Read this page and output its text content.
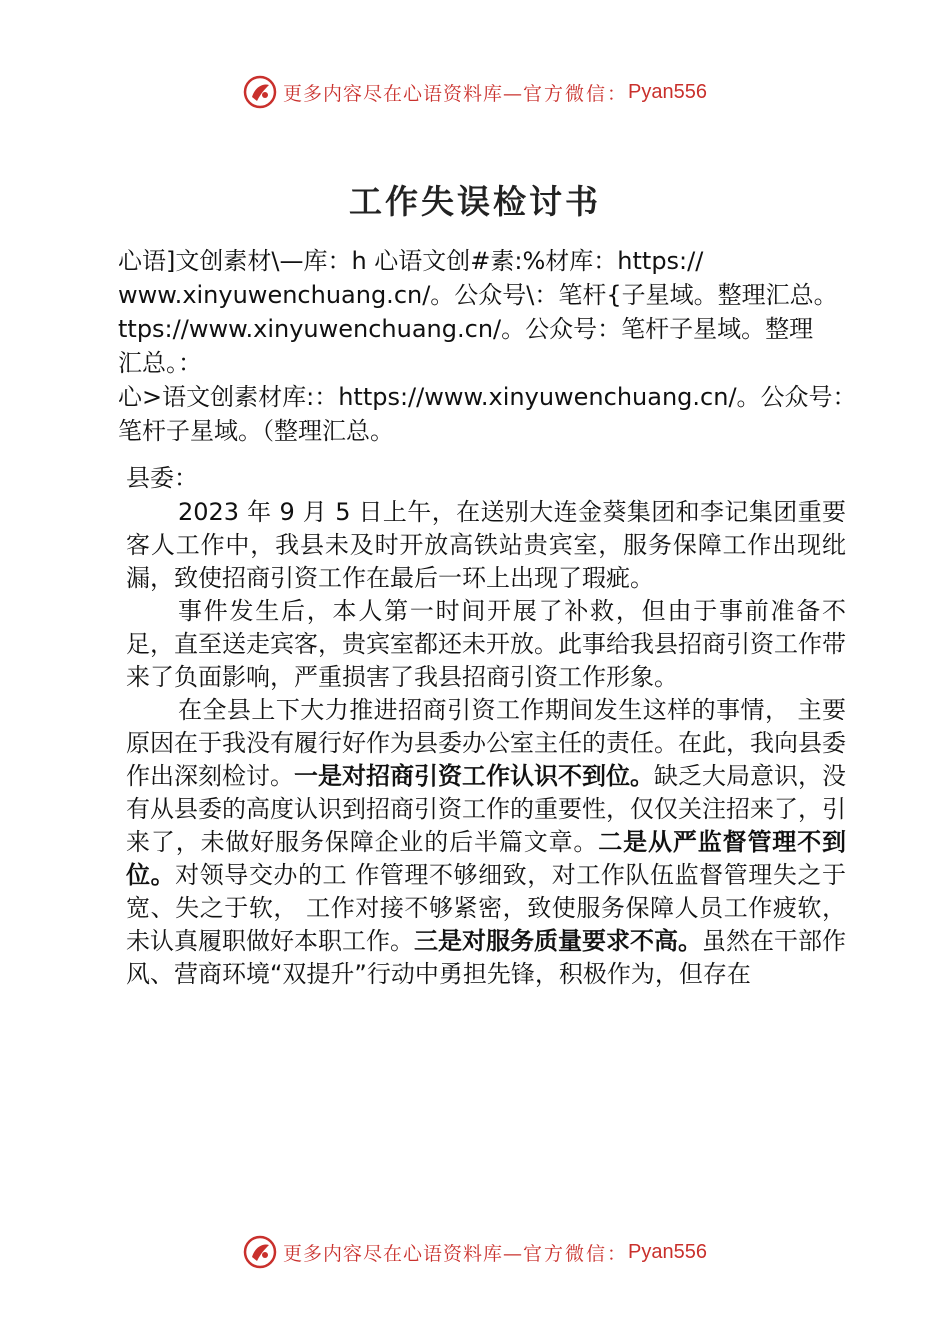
更多内容尽在心语资料库— 官方微信： Pyan556
工作失误检讨书

心语]文创素材\—库：h 心语文创#素:%材库：https://

www.xinyuwenchuang.cn/。公众号\：笔杆{子星域。整理汇总。

ttps://www.xinyuwenchuang.cn/。公众号：笔杆子星域。整理

汇总。：

心>语文创素材库:：https://www.xinyuwenchuang.cn/。公众号：

笔杆子星域。（整理汇总。

县委：

2023 年 9 月 5 日上午，在送别大连金葵集团和李记集团重要客人工作中，我县未及时开放高铁站贵宾室，服务保障工作出现纰漏，致使招商引资工作在最后一环上出现了瑕疵。

事件发生后，本人第一时间开展了补救，但由于事前准备不足，直至送走宾客，贵宾室都还未开放。此事给我县招商引资工作带来了负面影响，严重损害了我县招商引资工作形象。

在全县上下大力推进招商引资工作期间发生这样的事情， 主要原因在于我没有履行好作为县委办公室主任的责任。在此，我向县委作出深刻检讨。一是对招商引资工作认识不到位。缺乏大局意识，没有从县委的高度认识到招商引资工作的重要性，仅仅关注招来了，引来了，未做好服务保障企业的后半篇文章。二是从严监督管理不到位。对领导交办的工 作管理不够细致，对工作队伍监督管理失之于宽、失之于软， 工作对接不够紧密，致使服务保障人员工作疲软，未认真履职做好本职工作。三是对服务质量要求不高。虽然在干部作风、营商环境“双提升”行动中勇担先锋，积极作为，但存在

更多内容尽在心语资料库— 官方微信： Pyan556
